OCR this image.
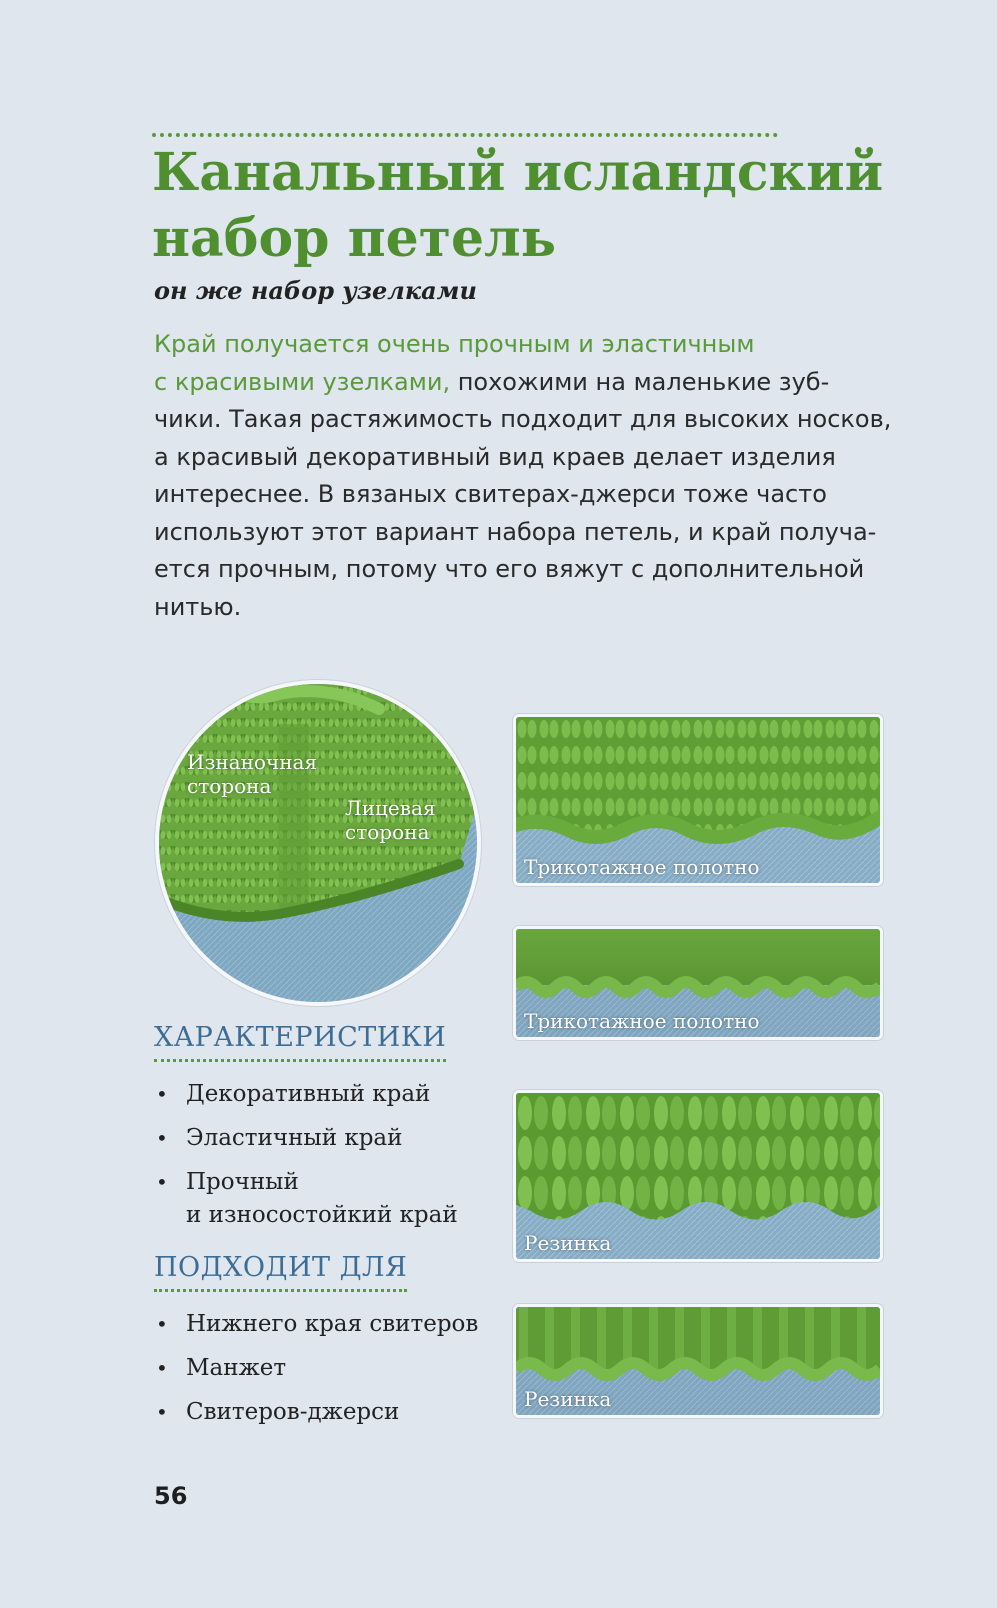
Канальный исландский
набор петель
он же набор узелками

Край получается очень прочным и эластичным
с красивыми узелками, похожими на маленькие зуб-
чики. Такая растяжимость подходит для высоких носков,
а красивый декоративный вид краев делает изделия
интереснее. В вязаных свитерах-джерси тоже часто
используют этот вариант набора петель, и край получа-
ется прочным, потому что его вяжут с дополнительной
нитью.

Изнаночная
сторона
Лицевая
сторона
Трикотажное полотно
Трикотажное полотно
Резинка
Резинка
ХАРАКТЕРИСТИКИ
• Декоративный край
• Эластичный край
• Прочный
и износостойкий край
ПОДХОДИТ ДЛЯ
• Нижнего края свитеров
• Манжет
• Свитеров-джерси
56
